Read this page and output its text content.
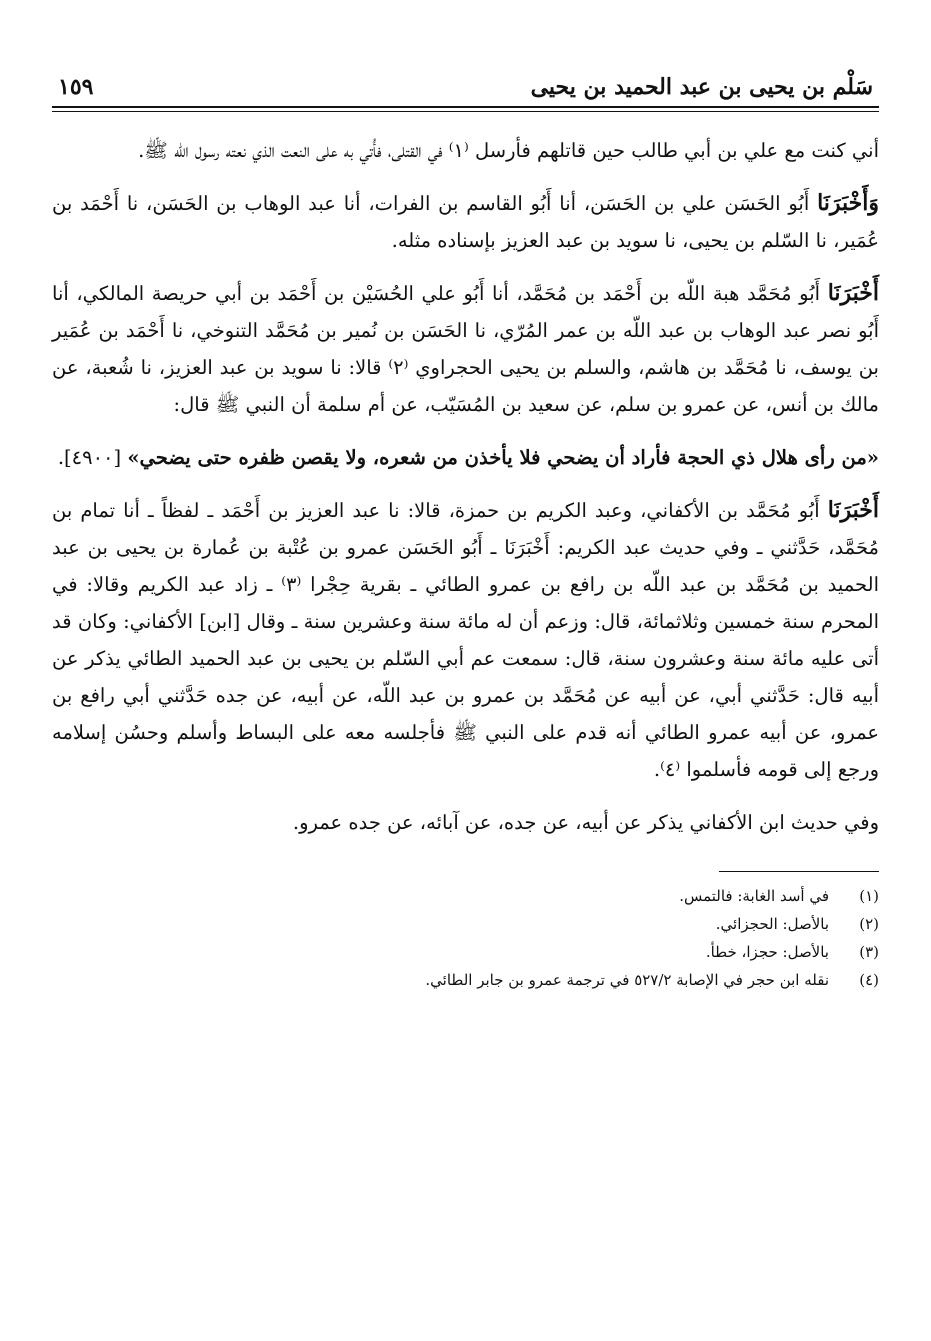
سَلْم بن يحيى بن عبد الحميد بن يحيى
١٥٩

أني كنت مع علي بن أبي طالب حين قاتلهم فأرسل ⁽١⁾ في القتلى، فأُتي به على النعت الذي نعته رسول الله ﷺ.

وَأَخْبَرَنَا أَبُو الحَسَن علي بن الحَسَن، أنا أَبُو القاسم بن الفرات، أنا عبد الوهاب بن الحَسَن، نا أَحْمَد بن عُمَير، نا السّلم بن يحيى، نا سويد بن عبد العزيز بإسناده مثله.

أَخْبَرَنَا أَبُو مُحَمَّد هبة اللّه بن أَحْمَد بن مُحَمَّد، أنا أَبُو علي الحُسَيْن بن أَحْمَد بن أبي حريصة المالكي، أنا أَبُو نصر عبد الوهاب بن عبد اللّه بن عمر المُرّي، نا الحَسَن بن نُمير بن مُحَمَّد التنوخي، نا أَحْمَد بن عُمَير بن يوسف، نا مُحَمَّد بن هاشم، والسلم بن يحيى الحجراوي ⁽٢⁾ قالا: نا سويد بن عبد العزيز، نا شُعبة، عن مالك بن أنس، عن عمرو بن سلم، عن سعيد بن المُسَيّب، عن أم سلمة أن النبي ﷺ قال:

«من رأى هلال ذي الحجة فأراد أن يضحي فلا يأخذن من شعره، ولا يقصن ظفره حتى يضحي» [٤٩٠٠].

أَخْبَرَنَا أَبُو مُحَمَّد بن الأكفاني، وعبد الكريم بن حمزة، قالا: نا عبد العزيز بن أَحْمَد ـ لفظاً ـ أنا تمام بن مُحَمَّد، حَدَّثني ـ وفي حديث عبد الكريم: أَخْبَرَنَا ـ أَبُو الحَسَن عمرو بن عُتْبة بن عُمارة بن يحيى بن عبد الحميد بن مُحَمَّد بن عبد اللّه بن رافع بن عمرو الطائي ـ بقرية حِجْرا ⁽٣⁾ ـ زاد عبد الكريم وقالا: في المحرم سنة خمسين وثلاثمائة، قال: وزعم أن له مائة سنة وعشرين سنة ـ وقال [ابن] الأكفاني: وكان قد أتى عليه مائة سنة وعشرون سنة، قال: سمعت عم أبي السّلم بن يحيى بن عبد الحميد الطائي يذكر عن أبيه قال: حَدَّثني أبي، عن أبيه عن مُحَمَّد بن عمرو بن عبد اللّه، عن أبيه، عن جده حَدَّثني أبي رافع بن عمرو، عن أبيه عمرو الطائي أنه قدم على النبي ﷺ فأجلسه معه على البساط وأسلم وحسُن إسلامه ورجع إلى قومه فأسلموا ⁽٤⁾.

وفي حديث ابن الأكفاني يذكر عن أبيه، عن جده، عن آبائه، عن جده عمرو.

(١)
في أسد الغابة: فالتمس.
(٢)
بالأصل: الحجزائي.
(٣)
بالأصل: حجزا، خطأ.
(٤)
نقله ابن حجر في الإصابة ٥٢٧/٢ في ترجمة عمرو بن جابر الطائي.
